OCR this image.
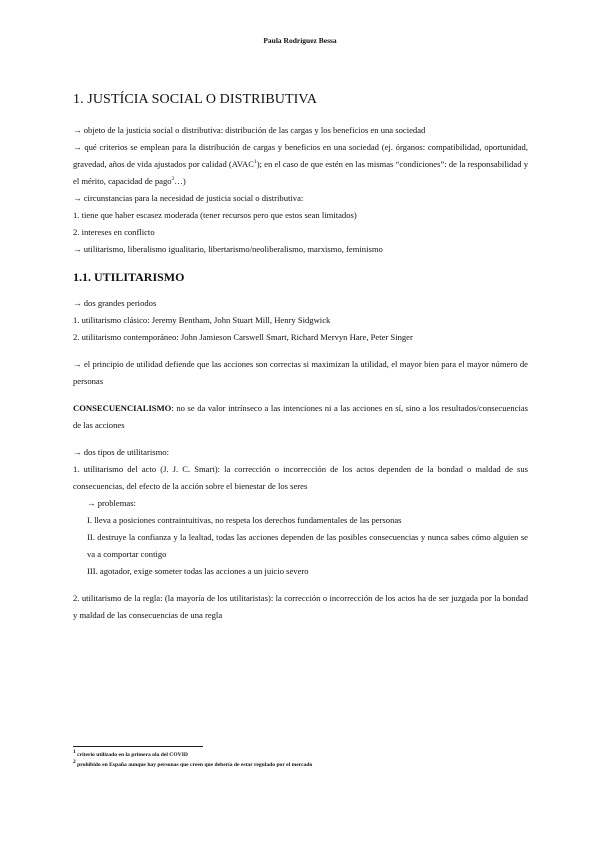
Paula Rodríguez Bessa
1. JUSTÍCIA SOCIAL O DISTRIBUTIVA

→ objeto de la justicia social o distributiva: distribución de las cargas y los beneficios en una sociedad

→ qué criterios se emplean para la distribución de cargas y beneficios en una sociedad (ej. órganos: compatibilidad, oportunidad, gravedad, años de vida ajustados por calidad (AVAC$^1$); en el caso de que estén en las mismas “condiciones”: de la responsabilidad y el mérito, capacidad de pago$^2$…)

→ circunstancias para la necesidad de justicia social o distributiva:

1. tiene que haber escasez moderada (tener recursos pero que estos sean limitados)

2. intereses en conflicto

→ utilitarismo, liberalismo igualitario, libertarismo/neoliberalismo, marxismo, feminismo

1.1. UTILITARISMO

→ dos grandes periodos

1. utilitarismo clásico: Jeremy Bentham, John Stuart Mill, Henry Sidgwick

2. utilitarismo contemporáneo: John Jamieson Carswell Smart, Richard Mervyn Hare, Peter Singer

→ el principio de utilidad defiende que las acciones son correctas si maximizan la utilidad, el mayor bien para el mayor número de personas

CONSECUENCIALISMO: no se da valor intrínseco a las intenciones ni a las acciones en sí, sino a los resultados/consecuencias de las acciones

→ dos tipos de utilitarismo:

1. utilitarismo del acto (J. J. C. Smart): la corrección o incorrección de los actos dependen de la bondad o maldad de sus consecuencias, del efecto de la acción sobre el bienestar de los seres

→ problemas:

I. lleva a posiciones contraintuitivas, no respeta los derechos fundamentales de las personas

II. destruye la confianza y la lealtad, todas las acciones dependen de las posibles consecuencias y nunca sabes cómo alguien se va a comportar contigo

III. agotador, exige someter todas las acciones a un juicio severo

2. utilitarismo de la regla: (la mayoría de los utilitaristas): la corrección o incorrección de los actos ha de ser juzgada por la bondad y maldad de las consecuencias de una regla

$^1$ criterio utilizado en la primera ola del COVID

$^2$ prohibido en España aunque hay personas que creen que debería de estar regulado por el mercado
